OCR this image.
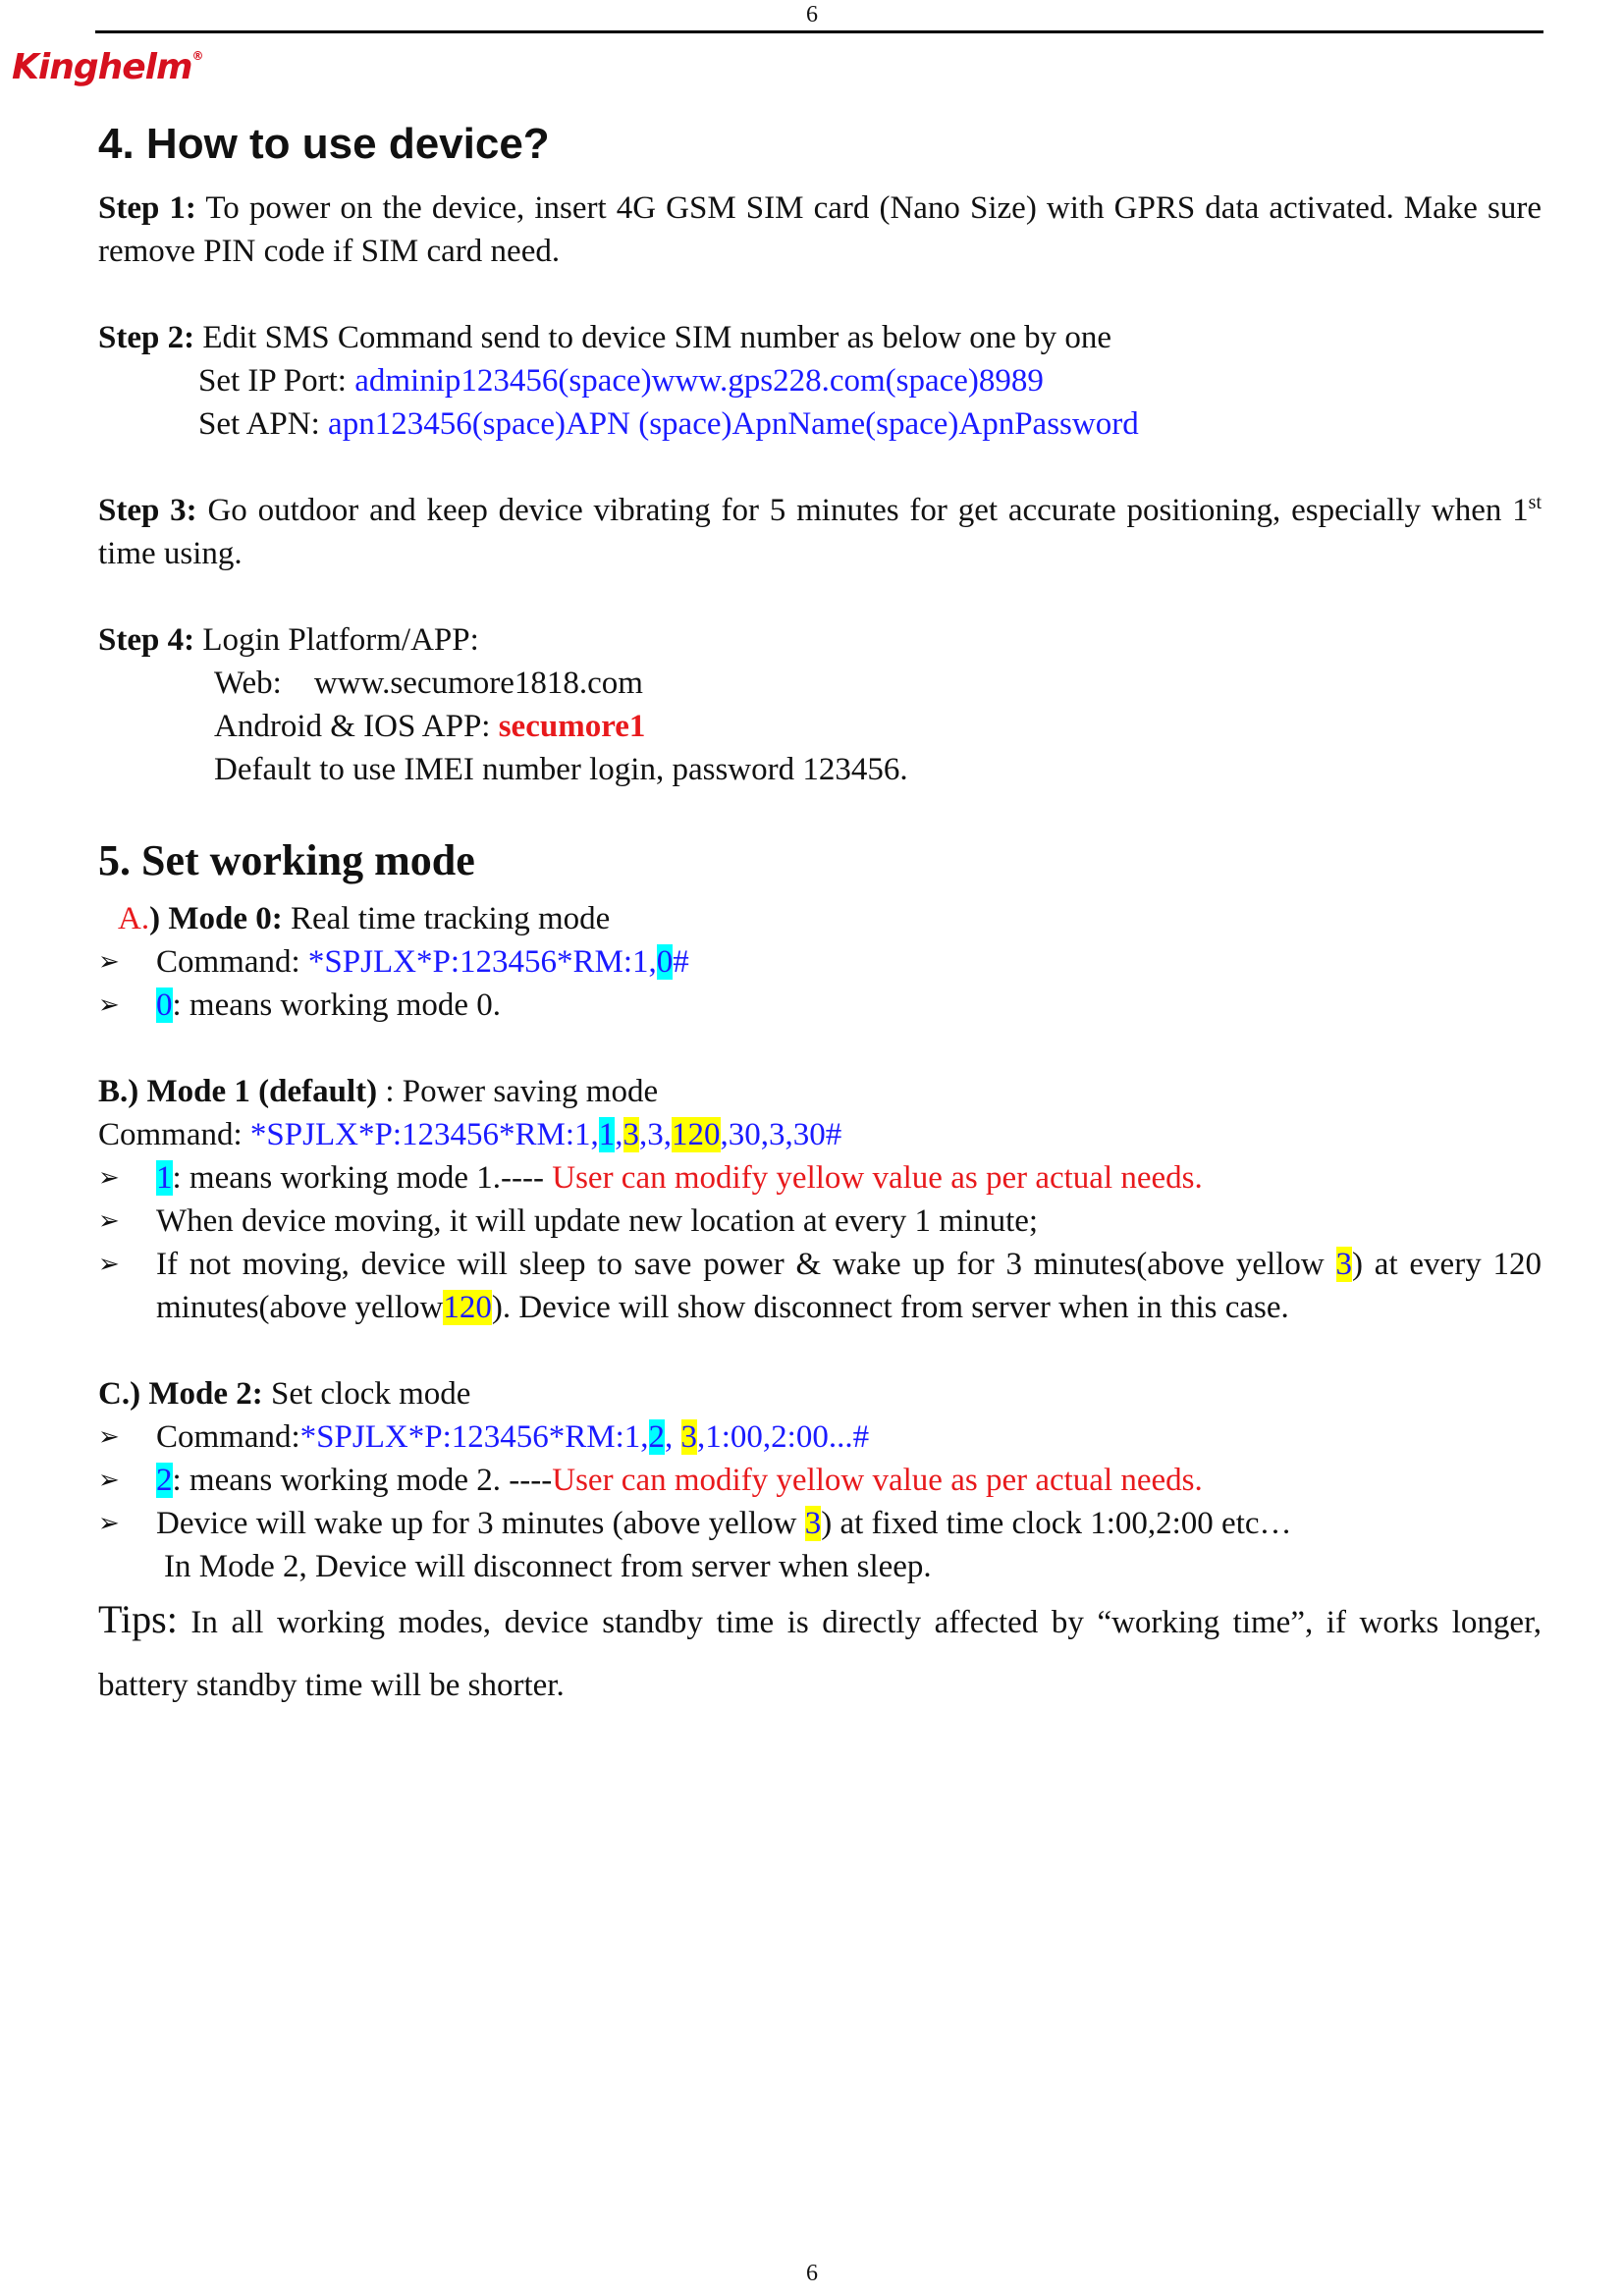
6
Kinghelm®
4. How to use device?

Step 1: To power on the device, insert 4G GSM SIM card (Nano Size) with GPRS data activated. Make sure remove PIN code if SIM card need.

Step 2: Edit SMS Command send to device SIM number as below one by one

Set IP Port: adminip123456(space)www.gps228.com(space)8989

Set APN: apn123456(space)APN (space)ApnName(space)ApnPassword

Step 3: Go outdoor and keep device vibrating for 5 minutes for get accurate positioning, especially when 1st time using.

Step 4: Login Platform/APP:

Web:    www.secumore1818.com

Android & IOS APP: secumore1

Default to use IMEI number login, password 123456.

5. Set working mode

A.) Mode 0: Real time tracking mode

➢ Command: *SPJLX*P:123456*RM:1,0#

➢ 0: means working mode 0.

B.) Mode 1 (default) : Power saving mode

Command: *SPJLX*P:123456*RM:1,1,3,3,120,30,3,30#

➢ 1: means working mode 1.---- User can modify yellow value as per actual needs.

➢ When device moving, it will update new location at every 1 minute;

➢ If not moving, device will sleep to save power & wake up for 3 minutes(above yellow 3) at every 120 minutes(above yellow120). Device will show disconnect from server when in this case.

C.) Mode 2: Set clock mode

➢ Command:*SPJLX*P:123456*RM:1,2, 3,1:00,2:00...#

➢ 2: means working mode 2. ----User can modify yellow value as per actual needs.

➢ Device will wake up for 3 minutes (above yellow 3) at fixed time clock 1:00,2:00 etc…

In Mode 2, Device will disconnect from server when sleep.

Tips: In all working modes, device standby time is directly affected by “working time”, if works longer, battery standby time will be shorter.

6
